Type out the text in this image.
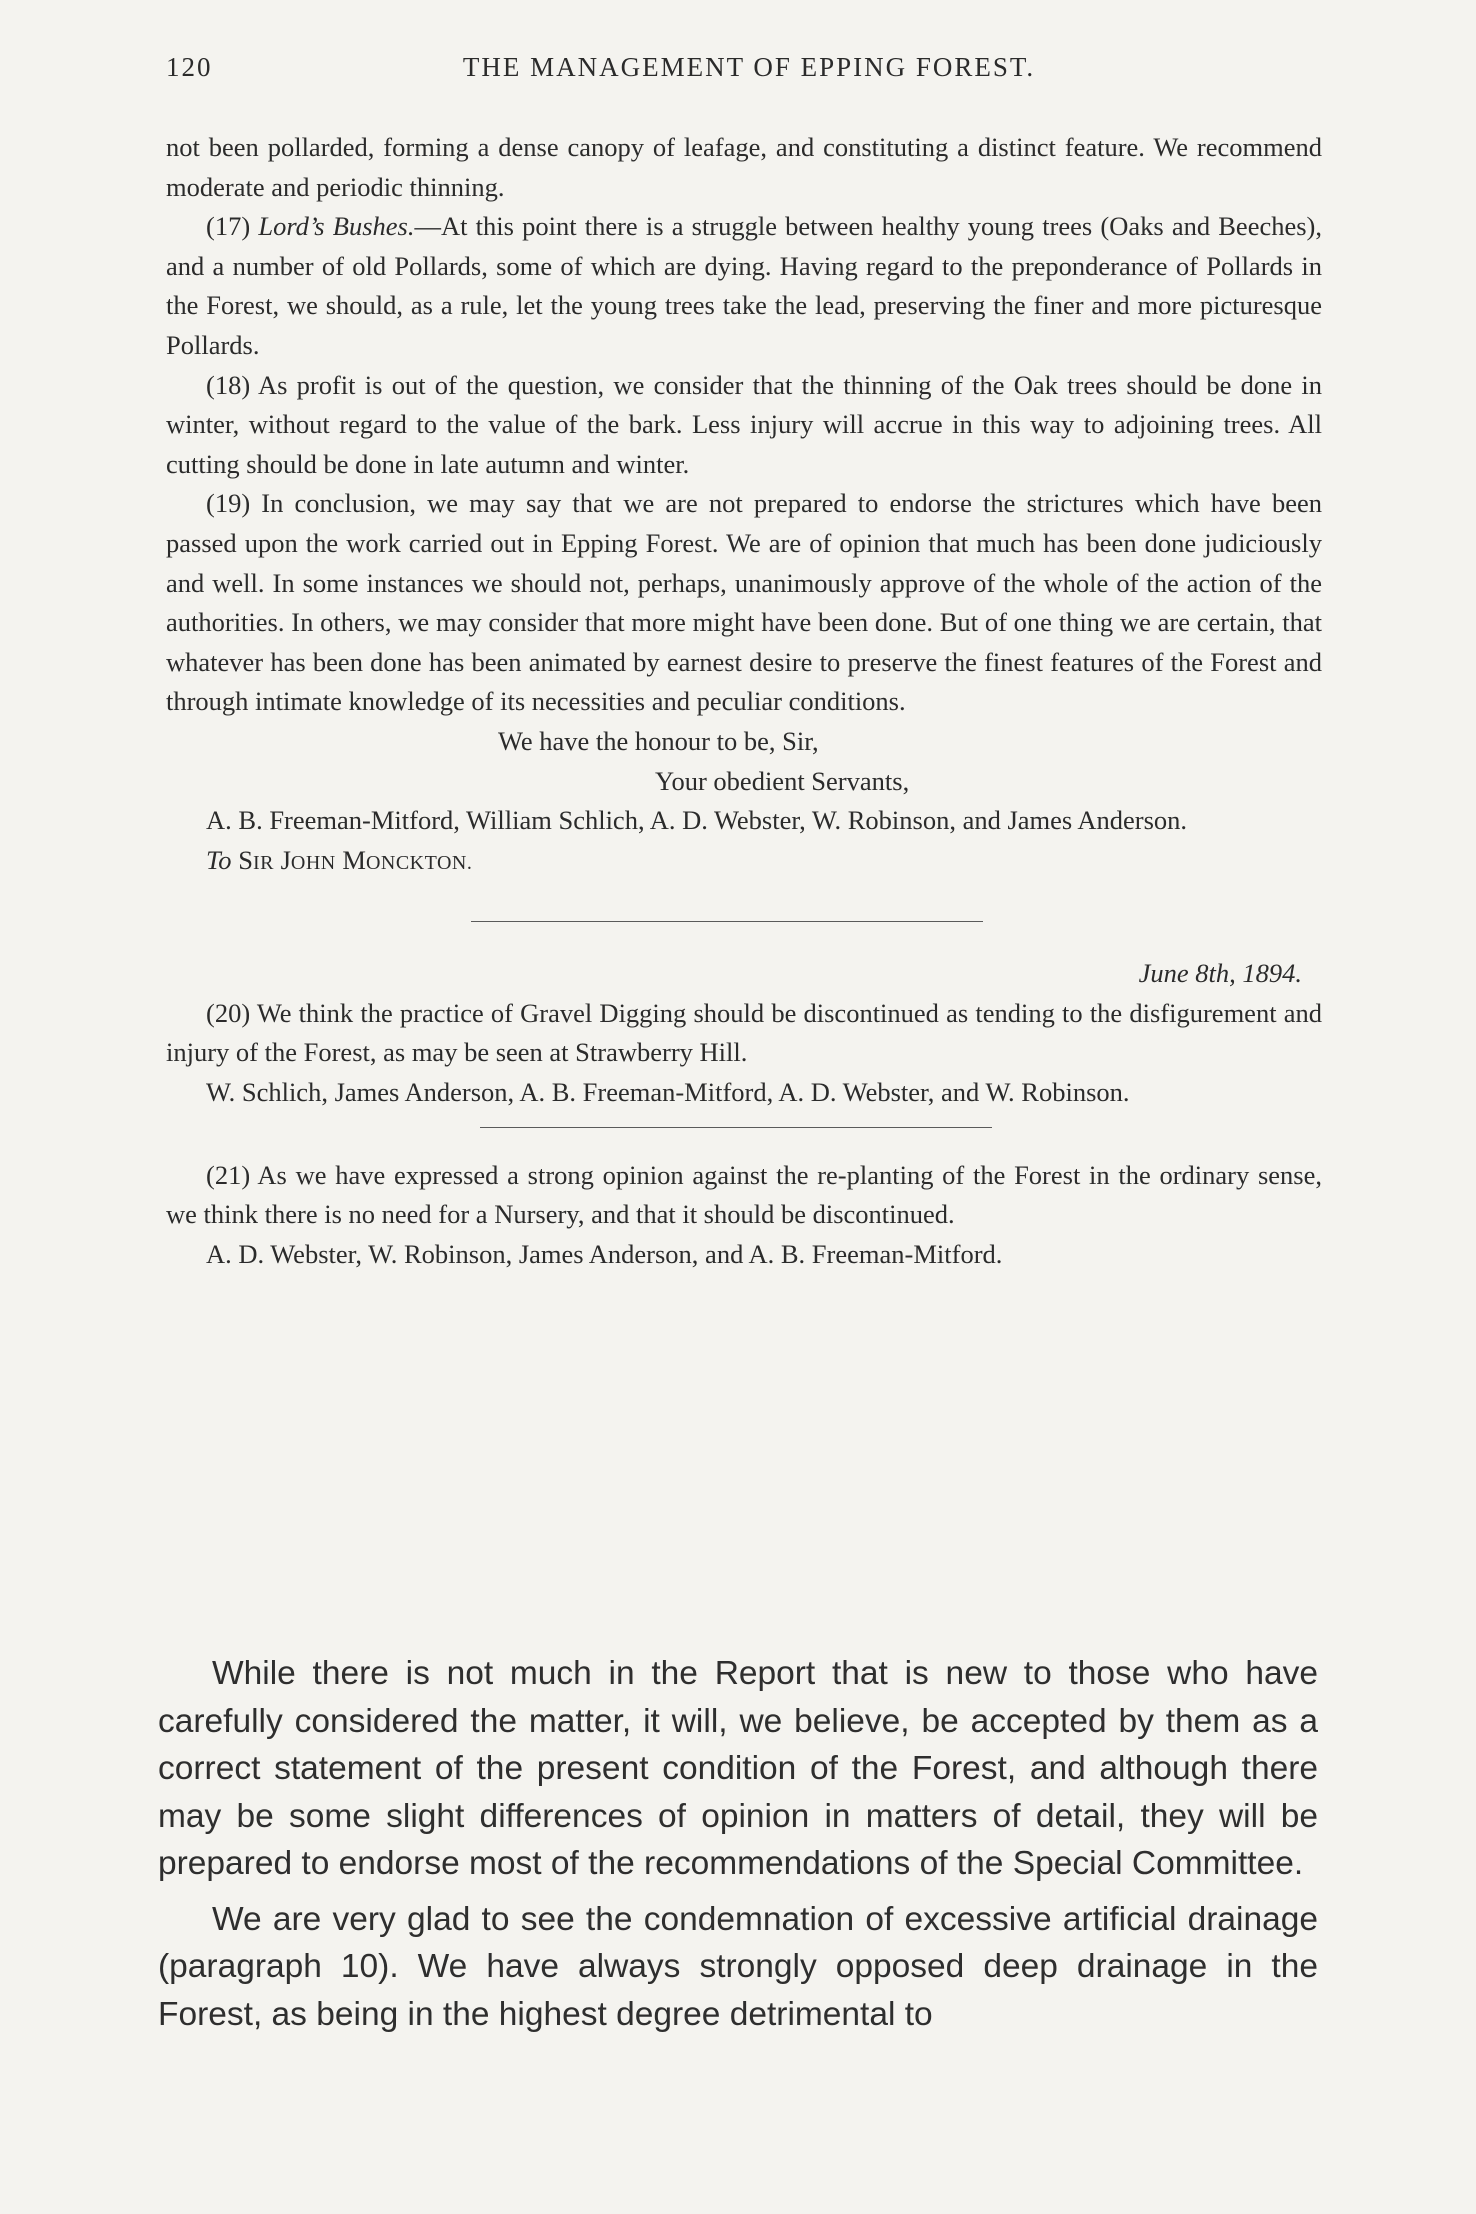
120	THE MANAGEMENT OF EPPING FOREST.

not been pollarded, forming a dense canopy of leafage, and constituting a distinct feature. We recommend moderate and periodic thinning.

(17) Lord’s Bushes.—At this point there is a struggle between healthy young trees (Oaks and Beeches), and a number of old Pollards, some of which are dying. Having regard to the preponderance of Pollards in the Forest, we should, as a rule, let the young trees take the lead, preserving the finer and more picturesque Pollards.

(18) As profit is out of the question, we consider that the thinning of the Oak trees should be done in winter, without regard to the value of the bark. Less injury will accrue in this way to adjoining trees. All cutting should be done in late autumn and winter.

(19) In conclusion, we may say that we are not prepared to endorse the strictures which have been passed upon the work carried out in Epping Forest. We are of opinion that much has been done judiciously and well. In some instances we should not, perhaps, unanimously approve of the whole of the action of the authorities. In others, we may consider that more might have been done. But of one thing we are certain, that whatever has been done has been animated by earnest desire to preserve the finest features of the Forest and through intimate knowledge of its necessities and peculiar conditions.

We have the honour to be, Sir,

Your obedient Servants,

A. B. Freeman-Mitford, William Schlich, A. D. Webster, W. Robinson, and James Anderson.

To SIR JOHN MONCKTON.

June 8th, 1894.

(20) We think the practice of Gravel Digging should be discontinued as tending to the disfigurement and injury of the Forest, as may be seen at Strawberry Hill.

W. Schlich, James Anderson, A. B. Freeman-Mitford, A. D. Webster, and W. Robinson.

(21) As we have expressed a strong opinion against the re-planting of the Forest in the ordinary sense, we think there is no need for a Nursery, and that it should be discontinued.

A. D. Webster, W. Robinson, James Anderson, and A. B. Freeman-Mitford.

While there is not much in the Report that is new to those who have carefully considered the matter, it will, we believe, be accepted by them as a correct statement of the present condition of the Forest, and although there may be some slight differences of opinion in matters of detail, they will be prepared to endorse most of the recommendations of the Special Committee.

We are very glad to see the condemnation of excessive artificial drainage (paragraph 10). We have always strongly opposed deep drainage in the Forest, as being in the highest degree detrimental to
